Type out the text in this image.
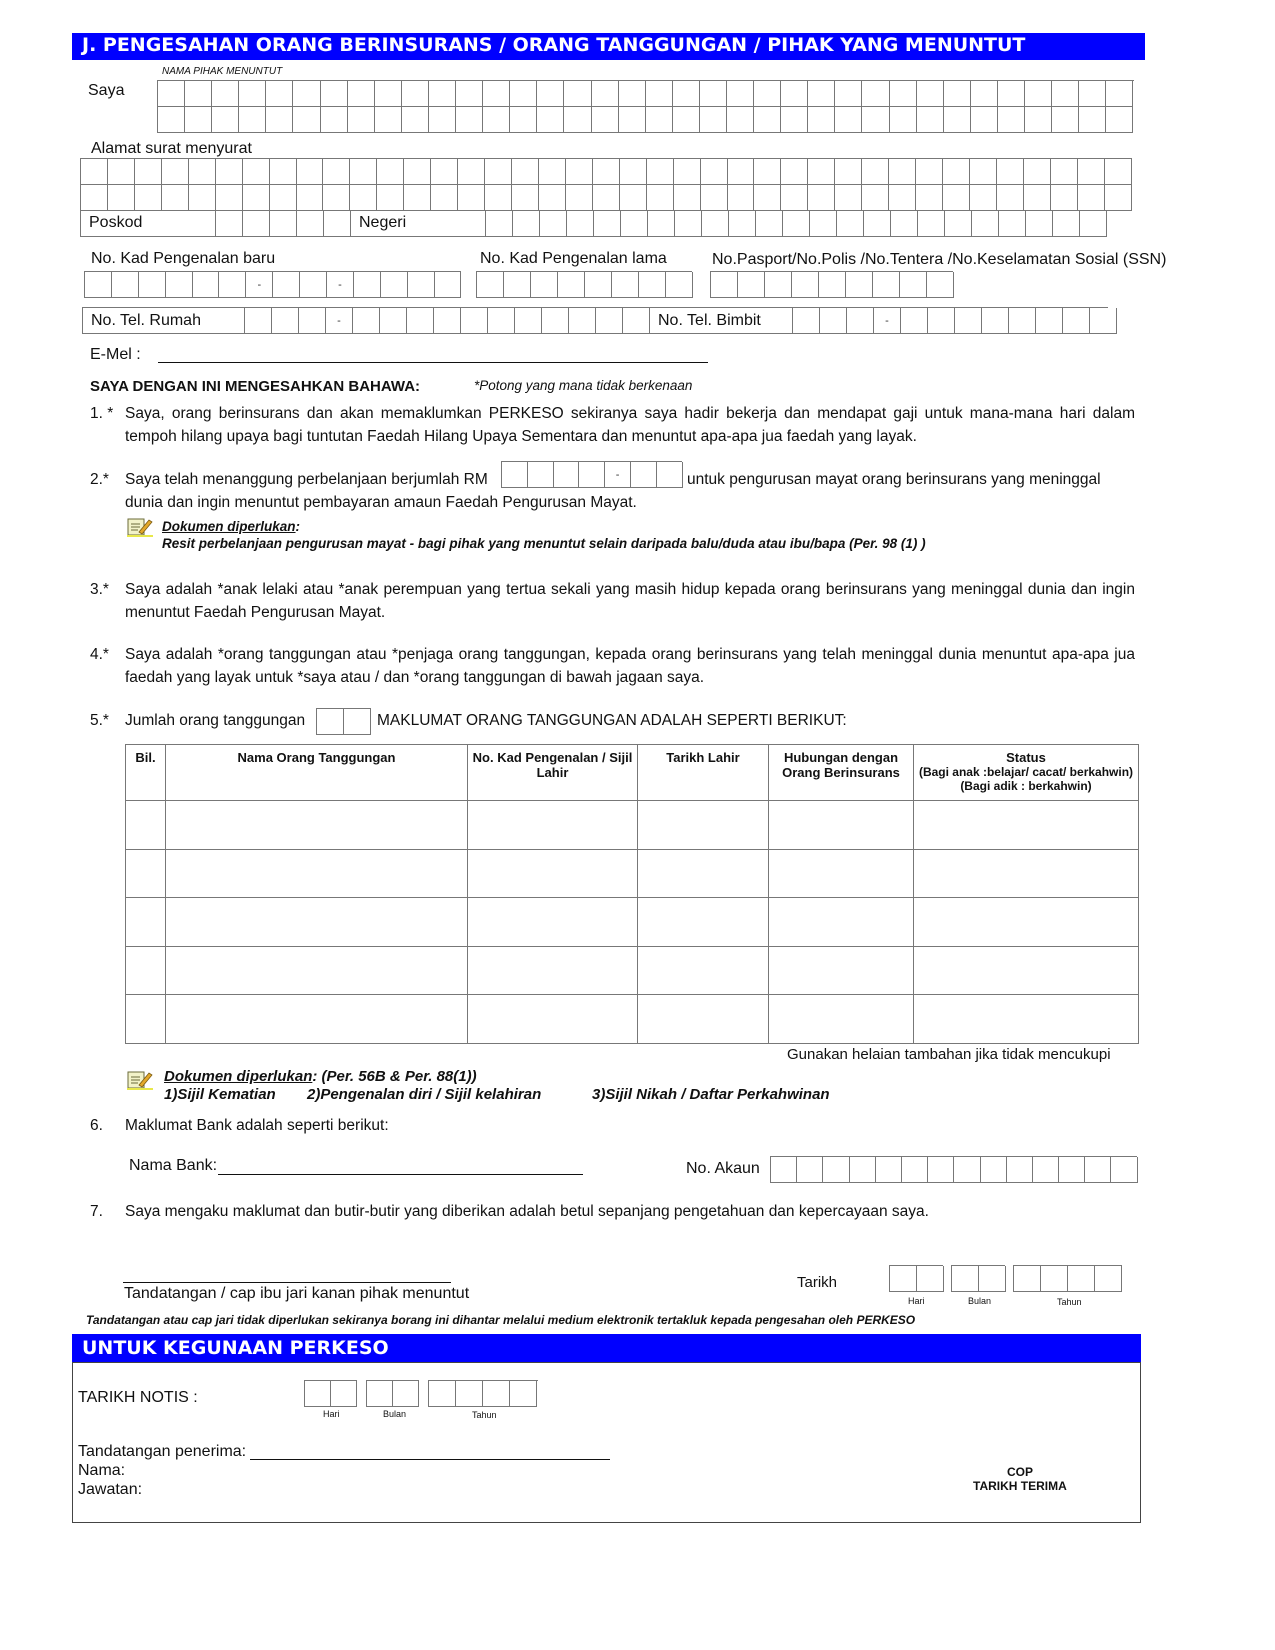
J. PENGESAHAN ORANG BERINSURANS / ORANG TANGGUNGAN / PIHAK YANG MENUNTUT
NAMA PIHAK MENUNTUT
Saya
Alamat surat menyurat
Poskod	Negeri
No. Kad Pengenalan baru	No. Kad Pengenalan lama	No.Pasport/No.Polis /No.Tentera /No.Keselamatan Sosial (SSN)
-	-
No. Tel. Rumah	-	No. Tel. Bimbit	-
E-Mel :
SAYA DENGAN INI MENGESAHKAN BAHAWA:	*Potong yang mana tidak berkenaan
1. * Saya, orang berinsurans dan akan memaklumkan PERKESO sekiranya saya hadir bekerja dan mendapat gaji untuk mana-mana hari dalam tempoh hilang upaya bagi tuntutan Faedah Hilang Upaya Sementara dan menuntut apa-apa jua faedah yang layak.
2.* Saya telah menanggung perbelanjaan berjumlah RM	untuk pengurusan mayat orang berinsurans yang meninggal
dunia dan ingin menuntut pembayaran amaun Faedah Pengurusan Mayat.
-
Dokumen diperlukan:
Resit perbelanjaan pengurusan mayat - bagi pihak yang menuntut selain daripada balu/duda atau ibu/bapa (Per. 98 (1) )
3.* Saya adalah *anak lelaki atau *anak perempuan yang tertua sekali yang masih hidup kepada orang berinsurans yang meninggal dunia dan ingin menuntut Faedah Pengurusan Mayat.
4.* Saya adalah *orang tanggungan atau *penjaga orang tanggungan, kepada orang berinsurans yang telah meninggal dunia menuntut apa-apa jua faedah yang layak untuk *saya atau / dan *orang tanggungan di bawah jagaan saya.
5.* Jumlah orang tanggungan	MAKLUMAT ORANG TANGGUNGAN ADALAH SEPERTI BERIKUT:
Bil.	Nama Orang Tanggungan	No. Kad Pengenalan / Sijil Lahir	Tarikh Lahir	Hubungan dengan Orang Berinsurans	Status
(Bagi anak :belajar/ cacat/ berkahwin)
(Bagi adik : berkahwin)

Gunakan helaian tambahan jika tidak mencukupi
Dokumen diperlukan: (Per. 56B & Per. 88(1))
1)Sijil Kematian 2)Pengenalan diri / Sijil kelahiran	3)Sijil Nikah / Daftar Perkahwinan
6. Maklumat Bank adalah seperti berikut:
Nama Bank:	No. Akaun
7. Saya mengaku maklumat dan butir-butir yang diberikan adalah betul sepanjang pengetahuan dan kepercayaan saya.
Tandatangan / cap ibu jari kanan pihak menuntut
Tarikh
Hari	Bulan	Tahun
Tandatangan atau cap jari tidak diperlukan sekiranya borang ini dihantar melalui medium elektronik tertakluk kepada pengesahan oleh PERKESO
UNTUK KEGUNAAN PERKESO
TARIKH NOTIS :
Hari	Bulan	Tahun
Tandatangan penerima:
Nama:
Jawatan:
COP
TARIKH TERIMA
